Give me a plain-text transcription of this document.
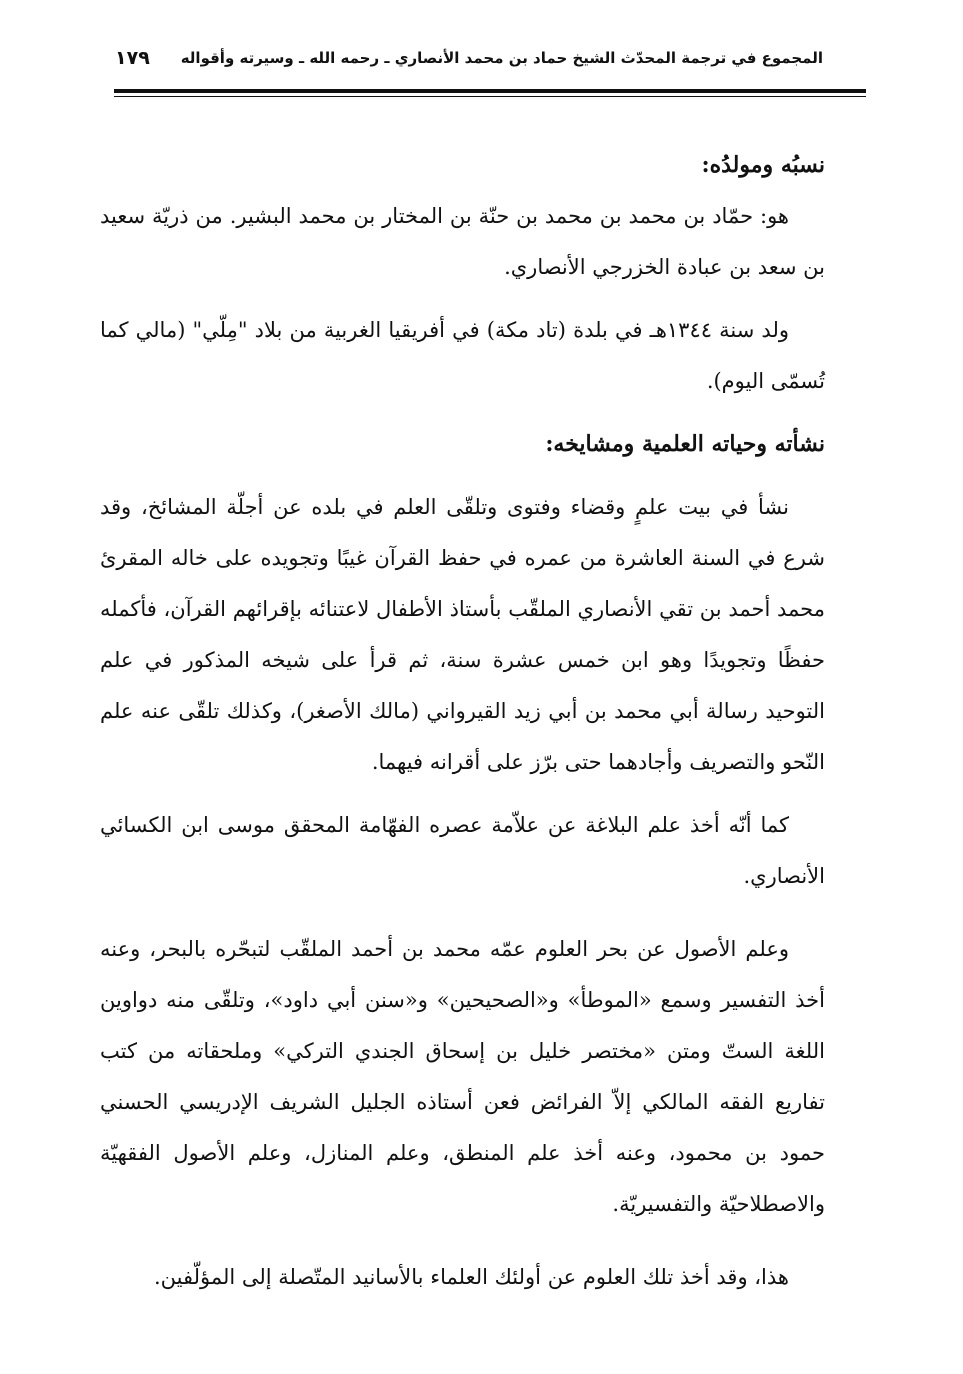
المجموع في ترجمة المحدّث الشيخ حماد بن محمد الأنصاري ـ رحمه الله ـ وسيرته وأقواله
١٧٩
نسبُه ومولدُه:

هو: حمّاد بن محمد بن محمد بن حنّة بن المختار بن محمد البشير. من ذريّة سعيد بن سعد بن عبادة الخزرجي الأنصاري.

ولد سنة ١٣٤٤هـ في بلدة (تاد مكة) في أفريقيا الغربية من بلاد "مِلّي" (مالي كما تُسمّى اليوم).

نشأته وحياته العلمية ومشايخه:

نشأ في بيت علمٍ وقضاء وفتوى وتلقّى العلم في بلده عن أجلّة المشائخ، وقد شرع في السنة العاشرة من عمره في حفظ القرآن غيبًا وتجويده على خاله المقرئ محمد أحمد بن تقي الأنصاري الملقّب بأستاذ الأطفال لاعتنائه بإقرائهم القرآن، فأكمله حفظًا وتجويدًا وهو ابن خمس عشرة سنة، ثم قرأ على شيخه المذكور في علم التوحيد رسالة أبي محمد بن أبي زيد القيرواني (مالك الأصغر)، وكذلك تلقّى عنه علم النّحو والتصريف وأجادهما حتى برّز على أقرانه فيهما.

كما أنّه أخذ علم البلاغة عن علاّمة عصره الفهّامة المحقق موسى ابن الكسائي الأنصاري.

وعلم الأصول عن بحر العلوم عمّه محمد بن أحمد الملقّب لتبحّره بالبحر، وعنه أخذ التفسير وسمع «الموطأ» و«الصحيحين» و«سنن أبي داود»، وتلقّى منه دواوين اللغة الستّ ومتن «مختصر خليل بن إسحاق الجندي التركي» وملحقاته من كتب تفاريع الفقه المالكي إلاّ الفرائض فعن أستاذه الجليل الشريف الإدريسي الحسني حمود بن محمود، وعنه أخذ علم المنطق، وعلم المنازل، وعلم الأصول الفقهيّة والاصطلاحيّة والتفسيريّة.

هذا، وقد أخذ تلك العلوم عن أولئك العلماء بالأسانيد المتّصلة إلى المؤلّفين.
